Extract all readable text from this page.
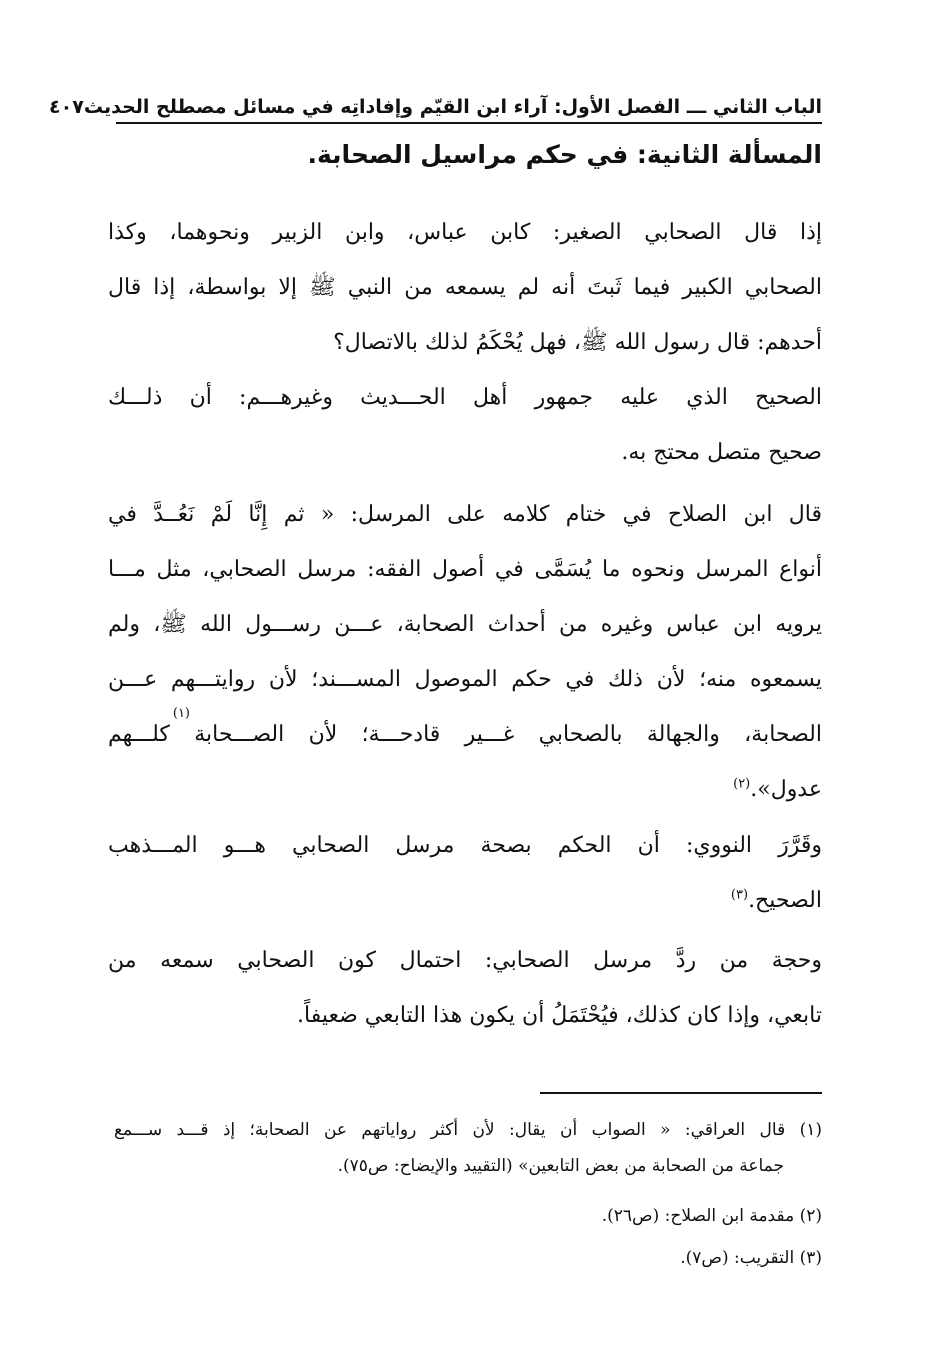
الباب الثاني ـــ الفصل الأول: آراء ابن القيّم وإفاداتِه في مسائل مصطلح الحديث
٤٠٧
المسألة الثانية: في حكم مراسيل الصحابة.
إذا قال الصحابي الصغير: كابن عباس، وابن الزبير ونحوهما، وكذا
الصحابي الكبير فيما ثَبتَ أنه لم يسمعه من النبي ﷺ إلا بواسطة، إذا قال
أحدهم: قال رسول الله ﷺ، فهل يُحْكَمُ لذلك بالاتصال؟
الصحيح الذي عليه جمهور أهل الحـــديث وغيرهـــم: أن ذلـــك
صحيح متصل محتج به.
قال ابن الصلاح في ختام كلامه على المرسل: « ثم إِنَّا لَمْ نَعُــدَّ في
أنواع المرسل ونحوه ما يُسَمَّى في أصول الفقه: مرسل الصحابي، مثل مـــا
يرويه ابن عباس وغيره من أحداث الصحابة، عـــن رســـول الله ﷺ، ولم
يسمعوه منه؛ لأن ذلك في حكم الموصول المســـند؛ لأن روايتـــهم عـــن
الصحابة، والجهالة بالصحابي غـــير قادحـــة؛ لأن الصـــحابة كلـــهم
عدول».$^{(٢)}$
(١)
وقَرَّرَ النووي: أن الحكم بصحة مرسل الصحابي هـــو المـــذهب
الصحيح.$^{(٣)}$
وحجة من ردَّ مرسل الصحابي: احتمال كون الصحابي سمعه من
تابعي، وإذا كان كذلك، فيُحْتَمَلُ أن يكون هذا التابعي ضعيفاً.
(١) قال العراقي: « الصواب أن يقال: لأن أكثر رواياتهم عن الصحابة؛ إذ قـــد ســـمع
جماعة من الصحابة من بعض التابعين» (التقييد والإيضاح: ص٧٥).
(٢) مقدمة ابن الصلاح: (ص٢٦).
(٣) التقريب: (ص٧).
